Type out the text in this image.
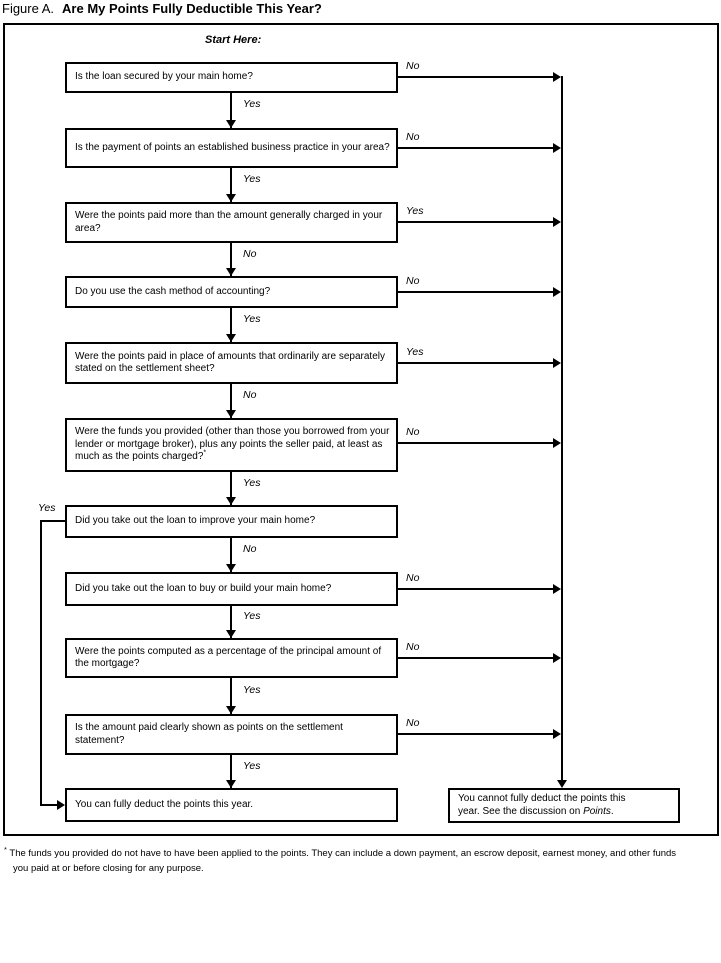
Figure A. Are My Points Fully Deductible This Year?
Start Here:
Is the loan secured by your main home?
Is the payment of points an established business practice in your area?
Were the points paid more than the amount generally charged in your area?
Do you use the cash method of accounting?
Were the points paid in place of amounts that ordinarily are separately stated on the settlement sheet?
Were the funds you provided (other than those you borrowed from your lender or mortgage broker), plus any points the seller paid, at least as much as the points charged?*
Did you take out the loan to improve your main home?
Did you take out the loan to buy or build your main home?
Were the points computed as a percentage of the principal amount of the mortgage?
Is the amount paid clearly shown as points on the settlement statement?
You can fully deduct the points this year.
You cannot fully deduct the points this
year. See the discussion on Points.
Yes
Yes
No
Yes
No
Yes
No
Yes
Yes
Yes
No
No
Yes
No
Yes
No
No
No
No
Yes
* The funds you provided do not have to have been applied to the points. They can include a down payment, an escrow deposit, earnest money, and other funds
you paid at or before closing for any purpose.
